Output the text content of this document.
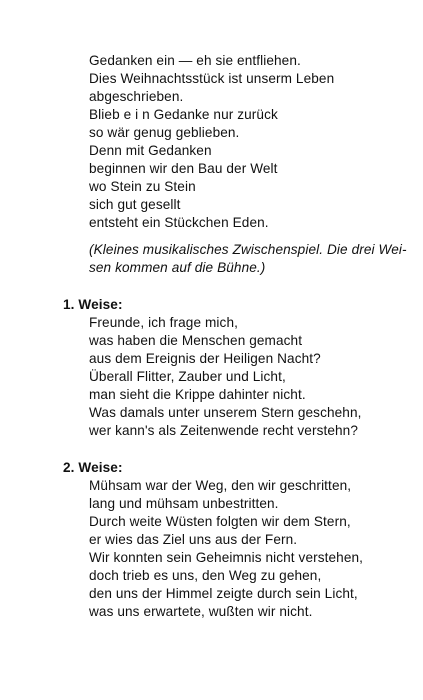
Gedanken ein — eh sie entfliehen.
Dies Weihnachtsstück ist unserm Leben
abgeschrieben.
Blieb e i n Gedanke nur zurück
so wär genug geblieben.
Denn mit Gedanken
beginnen wir den Bau der Welt
wo Stein zu Stein
sich gut gesellt
entsteht ein Stückchen Eden.
(Kleines musikalisches Zwischenspiel. Die drei Wei-
sen kommen auf die Bühne.)
1. Weise:
Freunde, ich frage mich,
was haben die Menschen gemacht
aus dem Ereignis der Heiligen Nacht?
Überall Flitter, Zauber und Licht,
man sieht die Krippe dahinter nicht.
Was damals unter unserem Stern geschehn,
wer kann's als Zeitenwende recht verstehn?
2. Weise:
Mühsam war der Weg, den wir geschritten,
lang und mühsam unbestritten.
Durch weite Wüsten folgten wir dem Stern,
er wies das Ziel uns aus der Fern.
Wir konnten sein Geheimnis nicht verstehen,
doch trieb es uns, den Weg zu gehen,
den uns der Himmel zeigte durch sein Licht,
was uns erwartete, wußten wir nicht.
